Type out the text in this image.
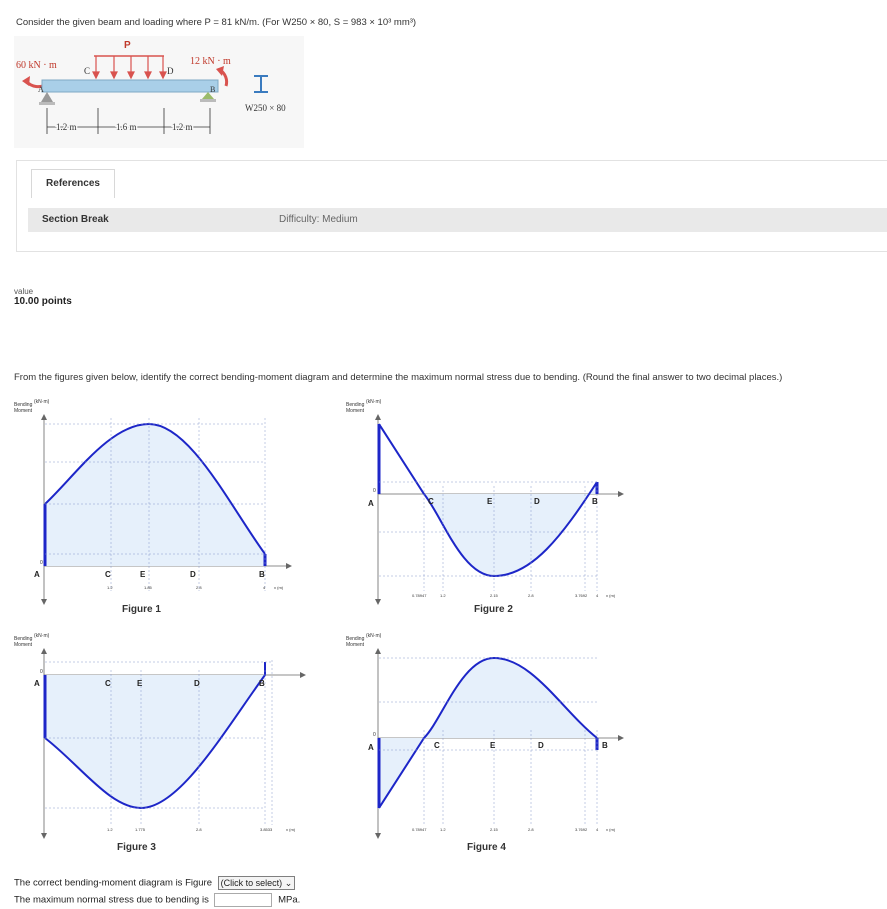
Consider the given beam and loading where P = 81 kN/m. (For W250 × 80, S = 983 × 10³ mm³)
60 kN · m
P
C	D
A	B
12 kN · m
W250 × 80
1.2 m	1.6 m	1.2 m
References
Section Break	Difficulty: Medium
value
10.00 points
From the figures given below, identify the correct bending-moment diagram and determine the maximum normal stress due to bending. (Round the final answer to two decimal places.)
Bending (kN·m)
Moment
0
A	C	E	D	B
1.2	1.85	2.8	4 x (m)
Figure 1
Bending (kN·m)
Moment
0
A	C	E	D	B
0.78947	1.2	2.15	2.8	3.7692 4 x (m)
Figure 2
Bending (kN·m)
Moment
0
A	C	E	D	B
1.2	1.775	2.8	3.8533	x (m)
Figure 3
Bending (kN·m)
Moment
0
A	C	E	D	B
0.78947	1.2	2.15	2.8	3.7692 4 x (m)
Figure 4
The correct bending-moment diagram is Figure (Click to select) ⌄
The maximum normal stress due to bending is	MPa.
